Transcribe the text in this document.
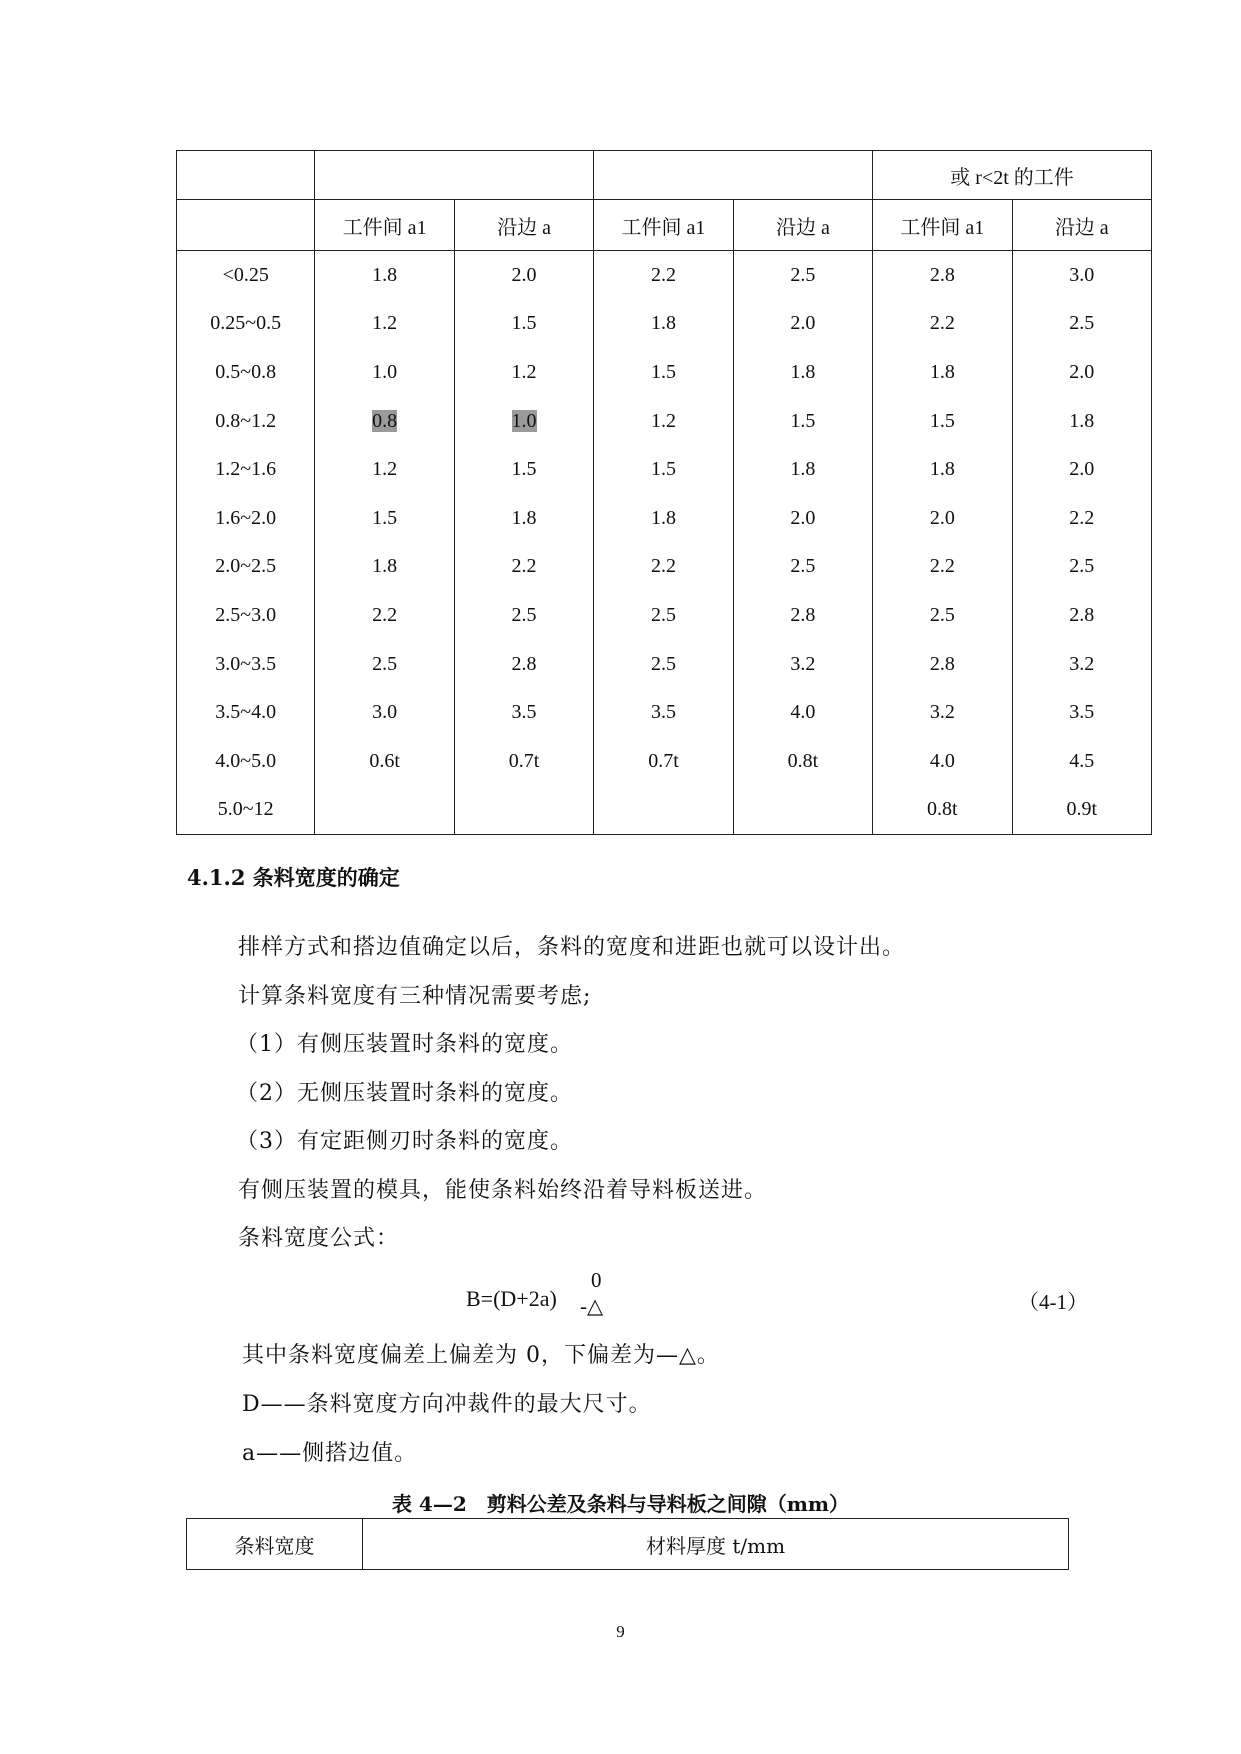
					或 r<2t 的工件	
	工件间 a1	沿边 a	工件间 a1	沿边 a	工件间 a1	沿边 a
<0.25	1.8	2.0	2.2	2.5	2.8	3.0
0.25~0.5	1.2	1.5	1.8	2.0	2.2	2.5
0.5~0.8	1.0	1.2	1.5	1.8	1.8	2.0
0.8~1.2	0.8	1.0	1.2	1.5	1.5	1.8
1.2~1.6	1.2	1.5	1.5	1.8	1.8	2.0
1.6~2.0	1.5	1.8	1.8	2.0	2.0	2.2
2.0~2.5	1.8	2.2	2.2	2.5	2.2	2.5
2.5~3.0	2.2	2.5	2.5	2.8	2.5	2.8
3.0~3.5	2.5	2.8	2.5	3.2	2.8	3.2
3.5~4.0	3.0	3.5	3.5	4.0	3.2	3.5
4.0~5.0	0.6t	0.7t	0.7t	0.8t	4.0	4.5
5.0~12					0.8t	0.9t
4.1.2 条料宽度的确定
排样方式和搭边值确定以后，条料的宽度和进距也就可以设计出。
计算条料宽度有三种情况需要考虑;
（1）有侧压装置时条料的宽度。
（2）无侧压装置时条料的宽度。
（3）有定距侧刃时条料的宽度。
有侧压装置的模具，能使条料始终沿着导料板送进。
条料宽度公式：
B=(D+2a)
0
-△	（4-1）
其中条料宽度偏差上偏差为 0，下偏差为—△。
D——条料宽度方向冲裁件的最大尺寸。
a——侧搭边值。
表 4—2　剪料公差及条料与导料板之间隙（mm）
条料宽度	材料厚度 t/mm
9
